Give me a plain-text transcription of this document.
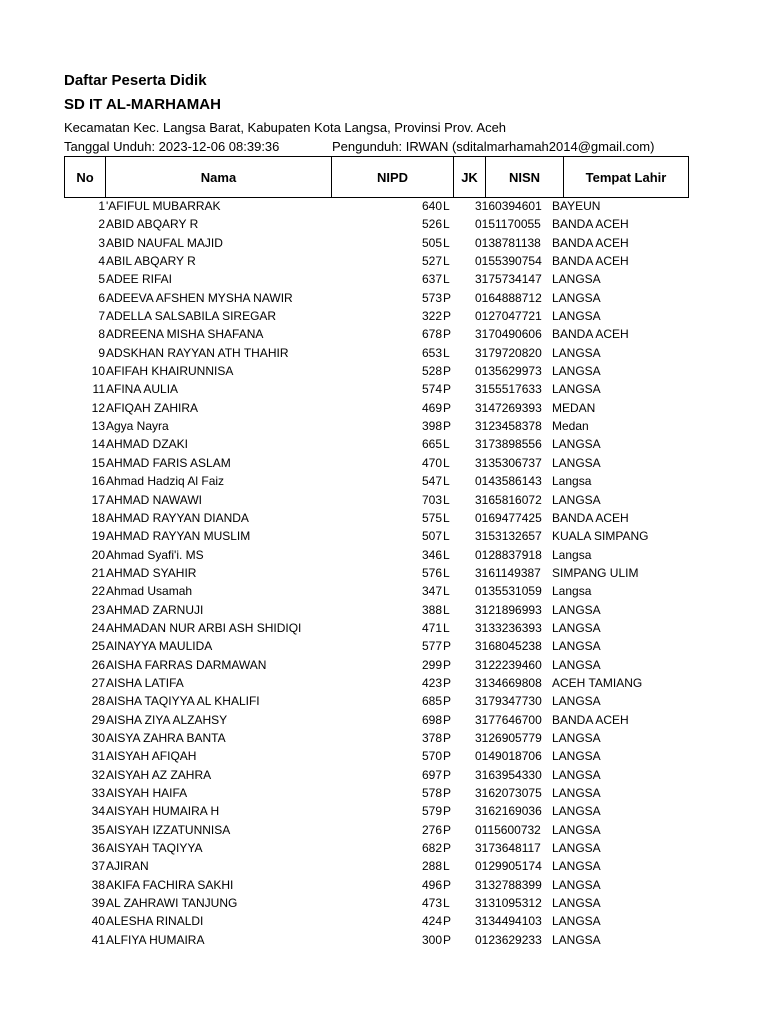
Daftar Peserta Didik
SD IT AL-MARHAMAH
Kecamatan Kec. Langsa Barat, Kabupaten Kota Langsa, Provinsi Prov. Aceh
Tanggal Unduh: 2023-12-06 08:39:36	Pengunduh: IRWAN (sditalmarhamah2014@gmail.com)
No	Nama	NIPD	JK	NISN	Tempat Lahir
1 'AFIFUL MUBARRAK	640 L	3160394601 BAYEUN
2 ABID ABQARY R	526 L	0151170055 BANDA ACEH
3 ABID NAUFAL MAJID	505 L	0138781138 BANDA ACEH
4 ABIL ABQARY R	527 L	0155390754 BANDA ACEH
5 ADEE RIFAI	637 L	3175734147 LANGSA
6 ADEEVA AFSHEN MYSHA NAWIR	573 P	0164888712 LANGSA
7 ADELLA SALSABILA SIREGAR	322 P	0127047721 LANGSA
8 ADREENA MISHA SHAFANA	678 P	3170490606 BANDA ACEH
9 ADSKHAN RAYYAN ATH THAHIR	653 L	3179720820 LANGSA
10 AFIFAH KHAIRUNNISA	528 P	0135629973 LANGSA
11 AFINA AULIA	574 P	3155517633 LANGSA
12 AFIQAH ZAHIRA	469 P	3147269393 MEDAN
13 Agya Nayra	398 P	3123458378 Medan
14 AHMAD DZAKI	665 L	3173898556 LANGSA
15 AHMAD FARIS ASLAM	470 L	3135306737 LANGSA
16 Ahmad Hadziq Al Faiz	547 L	0143586143 Langsa
17 AHMAD NAWAWI	703 L	3165816072 LANGSA
18 AHMAD RAYYAN DIANDA	575 L	0169477425 BANDA ACEH
19 AHMAD RAYYAN MUSLIM	507 L	3153132657 KUALA SIMPANG
20 Ahmad Syafi'i. MS	346 L	0128837918 Langsa
21 AHMAD SYAHIR	576 L	3161149387 SIMPANG ULIM
22 Ahmad Usamah	347 L	0135531059 Langsa
23 AHMAD ZARNUJI	388 L	3121896993 LANGSA
24 AHMADAN NUR ARBI ASH SHIDIQI	471 L	3133236393 LANGSA
25 AINAYYA MAULIDA	577 P	3168045238 LANGSA
26 AISHA FARRAS DARMAWAN	299 P	3122239460 LANGSA
27 AISHA LATIFA	423 P	3134669808 ACEH TAMIANG
28 AISHA TAQIYYA AL KHALIFI	685 P	3179347730 LANGSA
29 AISHA ZIYA ALZAHSY	698 P	3177646700 BANDA ACEH
30 AISYA ZAHRA BANTA	378 P	3126905779 LANGSA
31 AISYAH AFIQAH	570 P	0149018706 LANGSA
32 AISYAH AZ ZAHRA	697 P	3163954330 LANGSA
33 AISYAH HAIFA	578 P	3162073075 LANGSA
34 AISYAH HUMAIRA H	579 P	3162169036 LANGSA
35 AISYAH IZZATUNNISA	276 P	0115600732 LANGSA
36 AISYAH TAQIYYA	682 P	3173648117 LANGSA
37 AJIRAN	288 L	0129905174 LANGSA
38 AKIFA FACHIRA SAKHI	496 P	3132788399 LANGSA
39 AL ZAHRAWI TANJUNG	473 L	3131095312 LANGSA
40 ALESHA RINALDI	424 P	3134494103 LANGSA
41 ALFIYA HUMAIRA	300 P	0123629233 LANGSA
